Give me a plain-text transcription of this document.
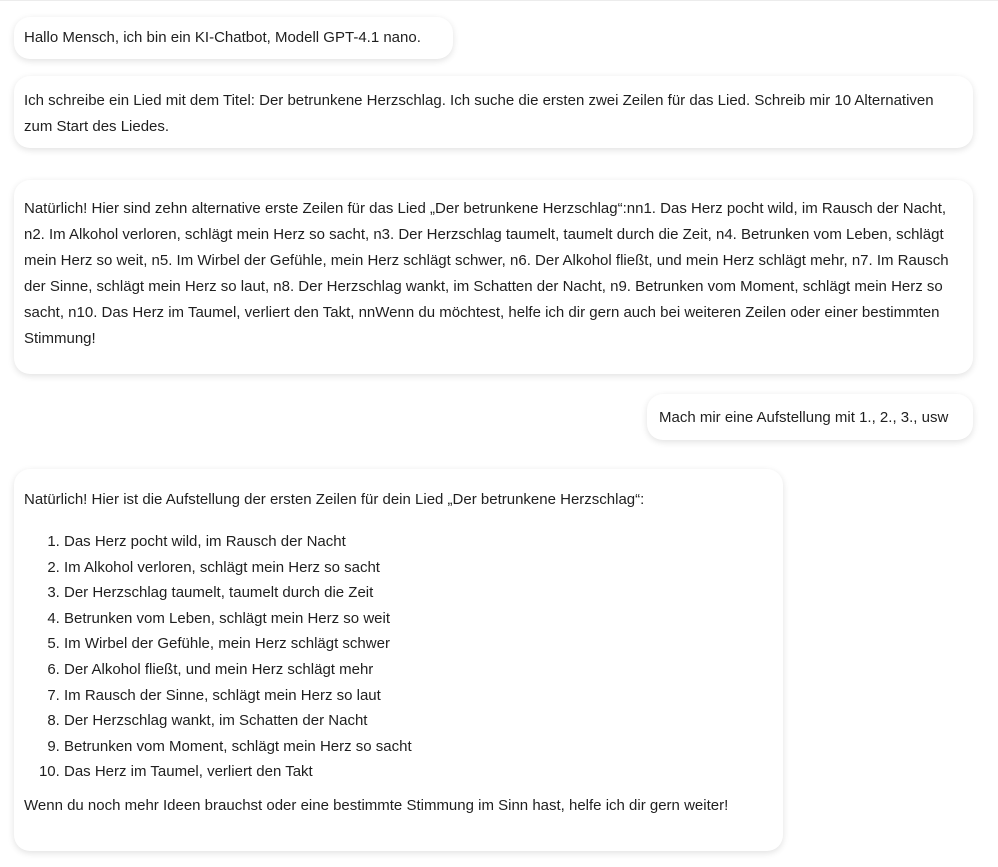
Hallo Mensch, ich bin ein KI-Chatbot, Modell GPT-4.1 nano.

Ich schreibe ein Lied mit dem Titel: Der betrunkene Herzschlag. Ich suche die ersten zwei Zeilen für das Lied. Schreib mir 10 Alternativen zum Start des Liedes.

Natürlich! Hier sind zehn alternative erste Zeilen für das Lied „Der betrunkene Herzschlag“:nn1. Das Herz pocht wild, im Rausch der Nacht, n2. Im Alkohol verloren, schlägt mein Herz so sacht, n3. Der Herzschlag taumelt, taumelt durch die Zeit, n4. Betrunken vom Leben, schlägt mein Herz so weit, n5. Im Wirbel der Gefühle, mein Herz schlägt schwer, n6. Der Alkohol fließt, und mein Herz schlägt mehr, n7. Im Rausch der Sinne, schlägt mein Herz so laut, n8. Der Herzschlag wankt, im Schatten der Nacht, n9. Betrunken vom Moment, schlägt mein Herz so sacht, n10. Das Herz im Taumel, verliert den Takt, nnWenn du möchtest, helfe ich dir gern auch bei weiteren Zeilen oder einer bestimmten Stimmung!

Mach mir eine Aufstellung mit 1., 2., 3., usw

Natürlich! Hier ist die Aufstellung der ersten Zeilen für dein Lied „Der betrunkene Herzschlag“:

1. Das Herz pocht wild, im Rausch der Nacht
2. Im Alkohol verloren, schlägt mein Herz so sacht
3. Der Herzschlag taumelt, taumelt durch die Zeit
4. Betrunken vom Leben, schlägt mein Herz so weit
5. Im Wirbel der Gefühle, mein Herz schlägt schwer
6. Der Alkohol fließt, und mein Herz schlägt mehr
7. Im Rausch der Sinne, schlägt mein Herz so laut
8. Der Herzschlag wankt, im Schatten der Nacht
9. Betrunken vom Moment, schlägt mein Herz so sacht
10. Das Herz im Taumel, verliert den Takt

Wenn du noch mehr Ideen brauchst oder eine bestimmte Stimmung im Sinn hast, helfe ich dir gern weiter!
